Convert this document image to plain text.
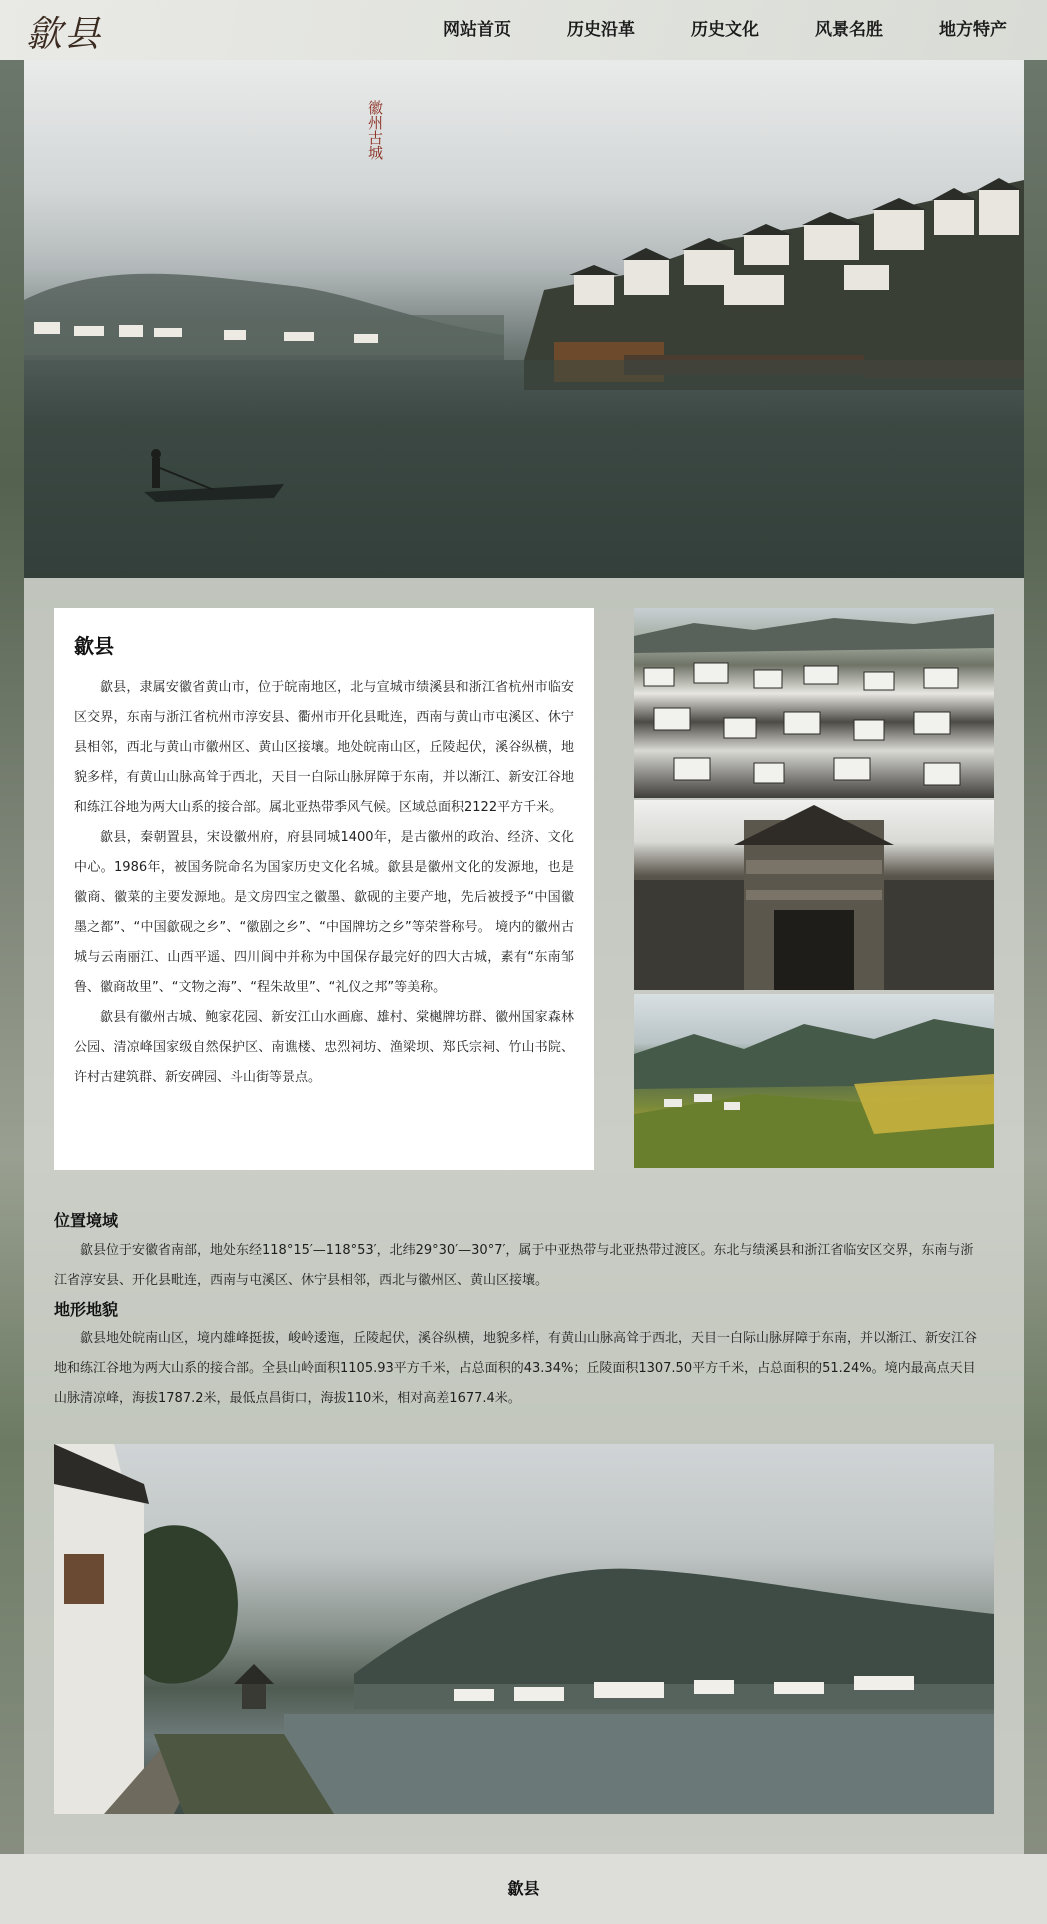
歙县	网站首页	历史沿革	历史文化	风景名胜	地方特产
徽州古城
歙县

歙县，隶属安徽省黄山市，位于皖南地区，北与宣城市绩溪县和浙江省杭州市临安区交界，东南与浙江省杭州市淳安县、衢州市开化县毗连，西南与黄山市屯溪区、休宁县相邻，西北与黄山市徽州区、黄山区接壤。地处皖南山区，丘陵起伏，溪谷纵横，地貌多样，有黄山山脉高耸于西北，天目一白际山脉屏障于东南，并以渐江、新安江谷地和练江谷地为两大山系的接合部。属北亚热带季风气候。区域总面积2122平方千米。

歙县，秦朝置县，宋设徽州府，府县同城1400年，是古徽州的政治、经济、文化中心。1986年，被国务院命名为国家历史文化名城。歙县是徽州文化的发源地，也是徽商、徽菜的主要发源地。是文房四宝之徽墨、歙砚的主要产地，先后被授予“中国徽墨之都”、“中国歙砚之乡”、“徽剧之乡”、“中国牌坊之乡”等荣誉称号。 境内的徽州古城与云南丽江、山西平遥、四川阆中并称为中国保存最完好的四大古城，素有“东南邹鲁、徽商故里”、“文物之海”、“程朱故里”、“礼仪之邦”等美称。

歙县有徽州古城、鲍家花园、新安江山水画廊、雄村、棠樾牌坊群、徽州国家森林公园、清凉峰国家级自然保护区、南谯楼、忠烈祠坊、渔梁坝、郑氏宗祠、竹山书院、许村古建筑群、新安碑园、斗山街等景点。

位置境域

歙县位于安徽省南部，地处东经118°15′—118°53′，北纬29°30′—30°7′，属于中亚热带与北亚热带过渡区。东北与绩溪县和浙江省临安区交界，东南与浙江省淳安县、开化县毗连，西南与屯溪区、休宁县相邻，西北与徽州区、黄山区接壤。

地形地貌

歙县地处皖南山区，境内雄峰挺拔，峻岭逶迤，丘陵起伏，溪谷纵横，地貌多样，有黄山山脉高耸于西北，天目一白际山脉屏障于东南，并以渐江、新安江谷地和练江谷地为两大山系的接合部。全县山岭面积1105.93平方千米，占总面积的43.34%；丘陵面积1307.50平方千米，占总面积的51.24%。境内最高点天目山脉清凉峰，海拔1787.2米，最低点昌街口，海拔110米，相对高差1677.4米。

歙县
